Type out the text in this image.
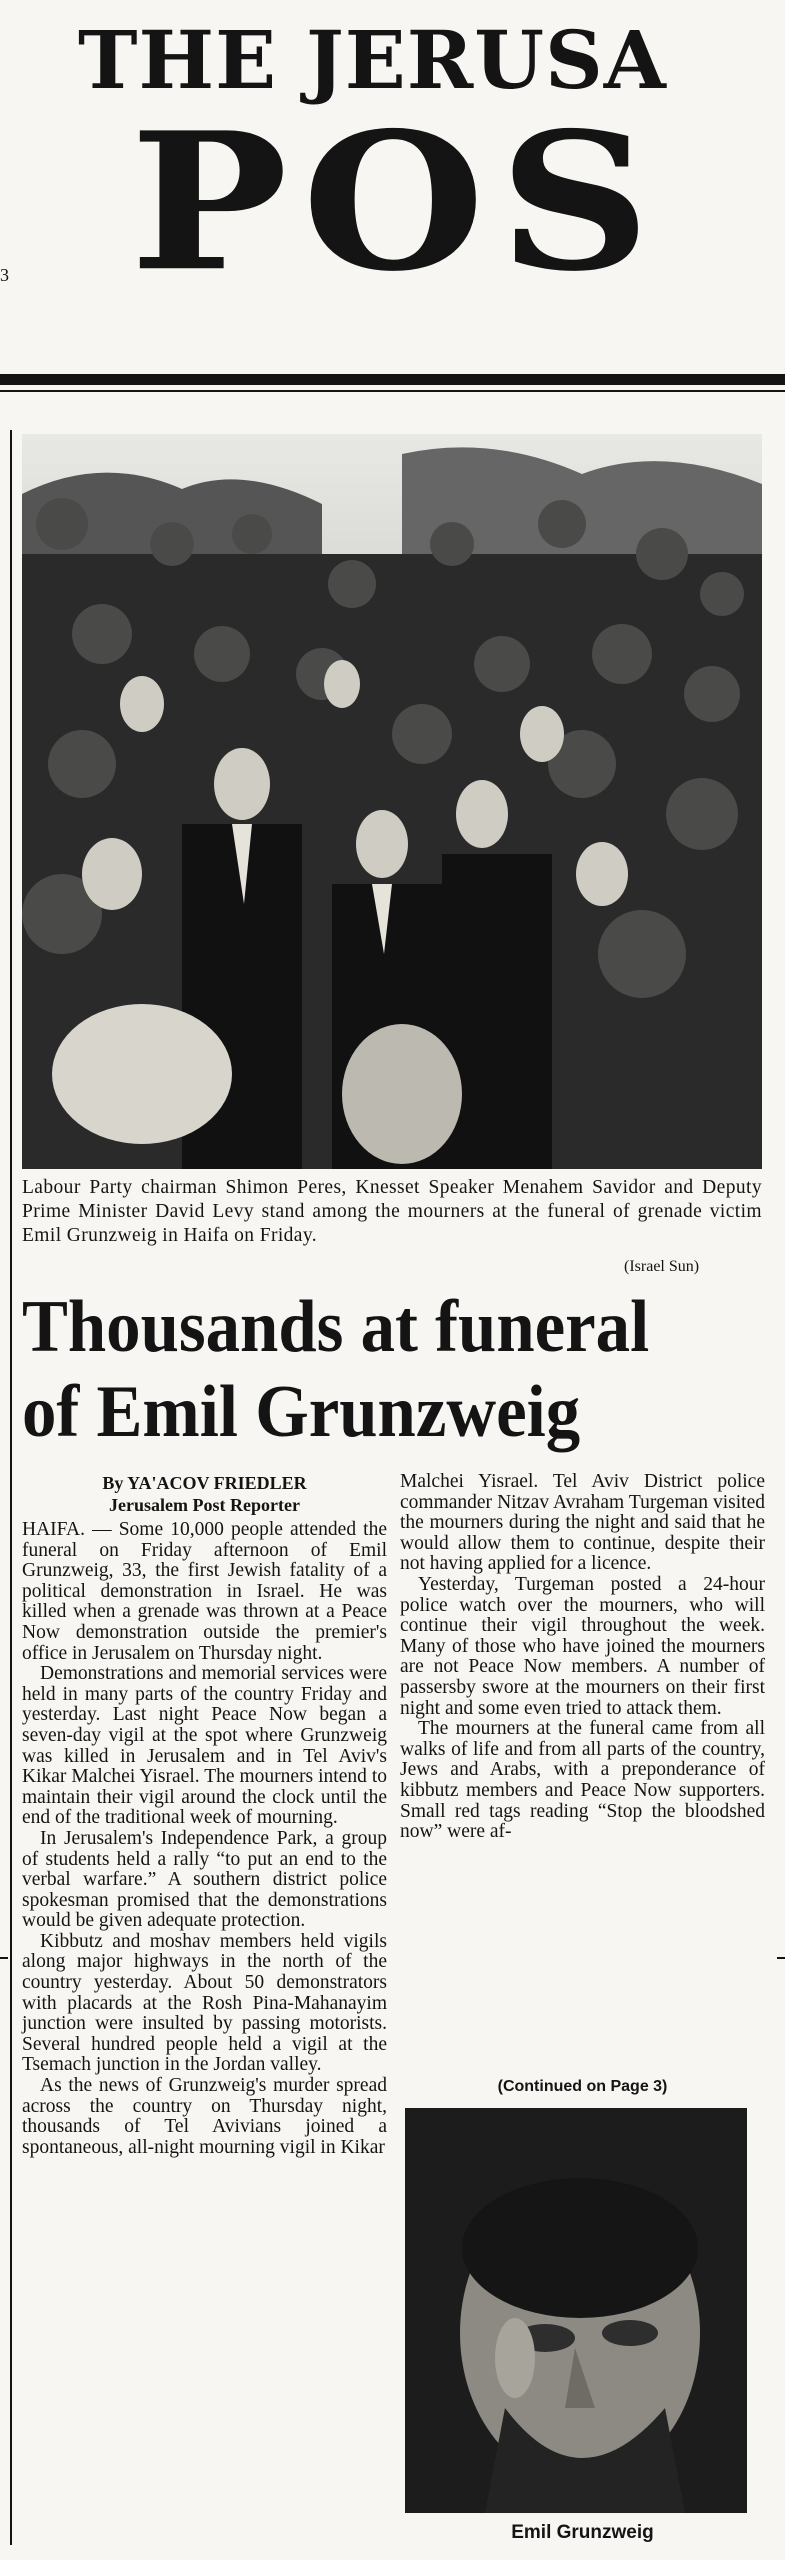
THE JERUSA
POS
3
Labour Party chairman Shimon Peres, Knesset Speaker Menahem Savidor and Deputy Prime Minister David Levy stand among the mourners at the funeral of grenade victim Emil Grunzweig in Haifa on Friday.
(Israel Sun)
Thousands at funeral
of Emil Grunzweig
By YA'ACOV FRIEDLER
Jerusalem Post Reporter

HAIFA. — Some 10,000 people attended the funeral on Friday afternoon of Emil Grunzweig, 33, the first Jewish fatality of a political demonstration in Israel. He was killed when a grenade was thrown at a Peace Now demonstration outside the premier's office in Jerusalem on Thursday night.

Demonstrations and memorial services were held in many parts of the country Friday and yesterday. Last night Peace Now began a seven-day vigil at the spot where Grunzweig was killed in Jerusalem and in Tel Aviv's Kikar Malchei Yisrael. The mourners intend to maintain their vigil around the clock until the end of the traditional week of mourning.

In Jerusalem's Independence Park, a group of students held a rally “to put an end to the verbal warfare.” A southern district police spokesman promised that the demonstrations would be given adequate protection.

Kibbutz and moshav members held vigils along major highways in the north of the country yesterday. About 50 demonstrators with placards at the Rosh Pina-Mahanayim junction were insulted by passing motorists. Several hundred people held a vigil at the Tsemach junction in the Jordan valley.

As the news of Grunzweig's murder spread across the country on Thursday night, thousands of Tel Avivians joined a spontaneous, all-night mourning vigil in Kikar

Malchei Yisrael. Tel Aviv District police commander Nitzav Avraham Turgeman visited the mourners during the night and said that he would allow them to continue, despite their not having applied for a licence.

Yesterday, Turgeman posted a 24-hour police watch over the mourners, who will continue their vigil throughout the week. Many of those who have joined the mourners are not Peace Now members. A number of passersby swore at the mourners on their first night and some even tried to attack them.

The mourners at the funeral came from all walks of life and from all parts of the country, Jews and Arabs, with a preponderance of kibbutz members and Peace Now supporters. Small red tags reading “Stop the bloodshed now” were af-

(Continued on Page 3)
Emil Grunzweig
